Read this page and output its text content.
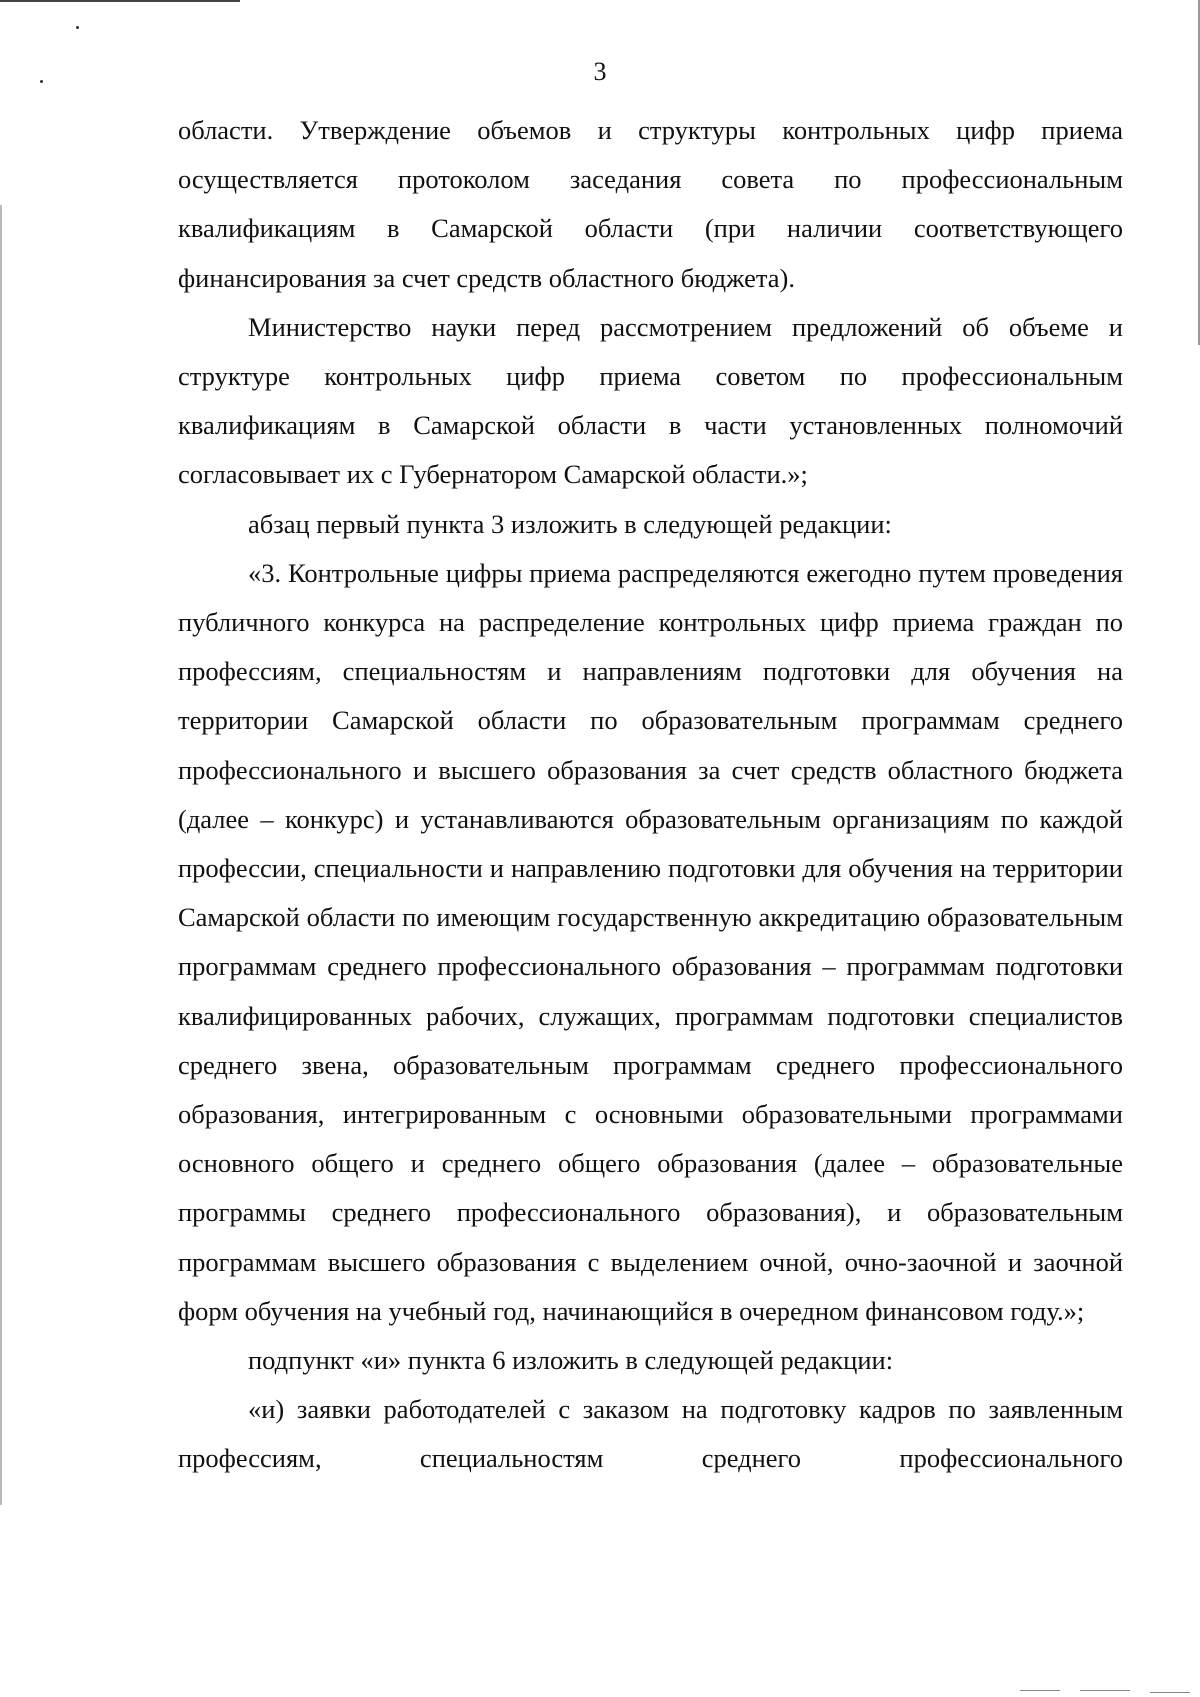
3

области. Утверждение объемов и структуры контрольных цифр приема осуществляется протоколом заседания совета по профессиональным квалификациям в Самарской области (при наличии соответствующего финансирования за счет средств областного бюджета).

Министерство науки перед рассмотрением предложений об объеме и структуре контрольных цифр приема советом по профессиональным квалификациям в Самарской области в части установленных полномочий согласовывает их с Губернатором Самарской области.»;

абзац первый пункта 3 изложить в следующей редакции:

«3. Контрольные цифры приема распределяются ежегодно путем проведения публичного конкурса на распределение контрольных цифр приема граждан по профессиям, специальностям и направлениям подготовки для обучения на территории Самарской области по образовательным программам среднего профессионального и высшего образования за счет средств областного бюджета (далее – конкурс) и устанавливаются образовательным организациям по каждой профессии, специальности и направлению подготовки для обучения на территории Самарской области по имеющим государственную аккредитацию образовательным программам среднего профессионального образования – программам подготовки квалифицированных рабочих, служащих, программам подготовки специалистов среднего звена, образовательным программам среднего профессионального образования, интегрированным с основными образовательными программами основного общего и среднего общего образования (далее – образовательные программы среднего профессионального образования), и образовательным программам высшего образования с выделением очной, очно-заочной и заочной форм обучения на учебный год, начинающийся в очередном финансовом году.»;

подпункт «и» пункта 6 изложить в следующей редакции:

«и) заявки работодателей с заказом на подготовку кадров по заявленным профессиям, специальностям среднего профессионального
